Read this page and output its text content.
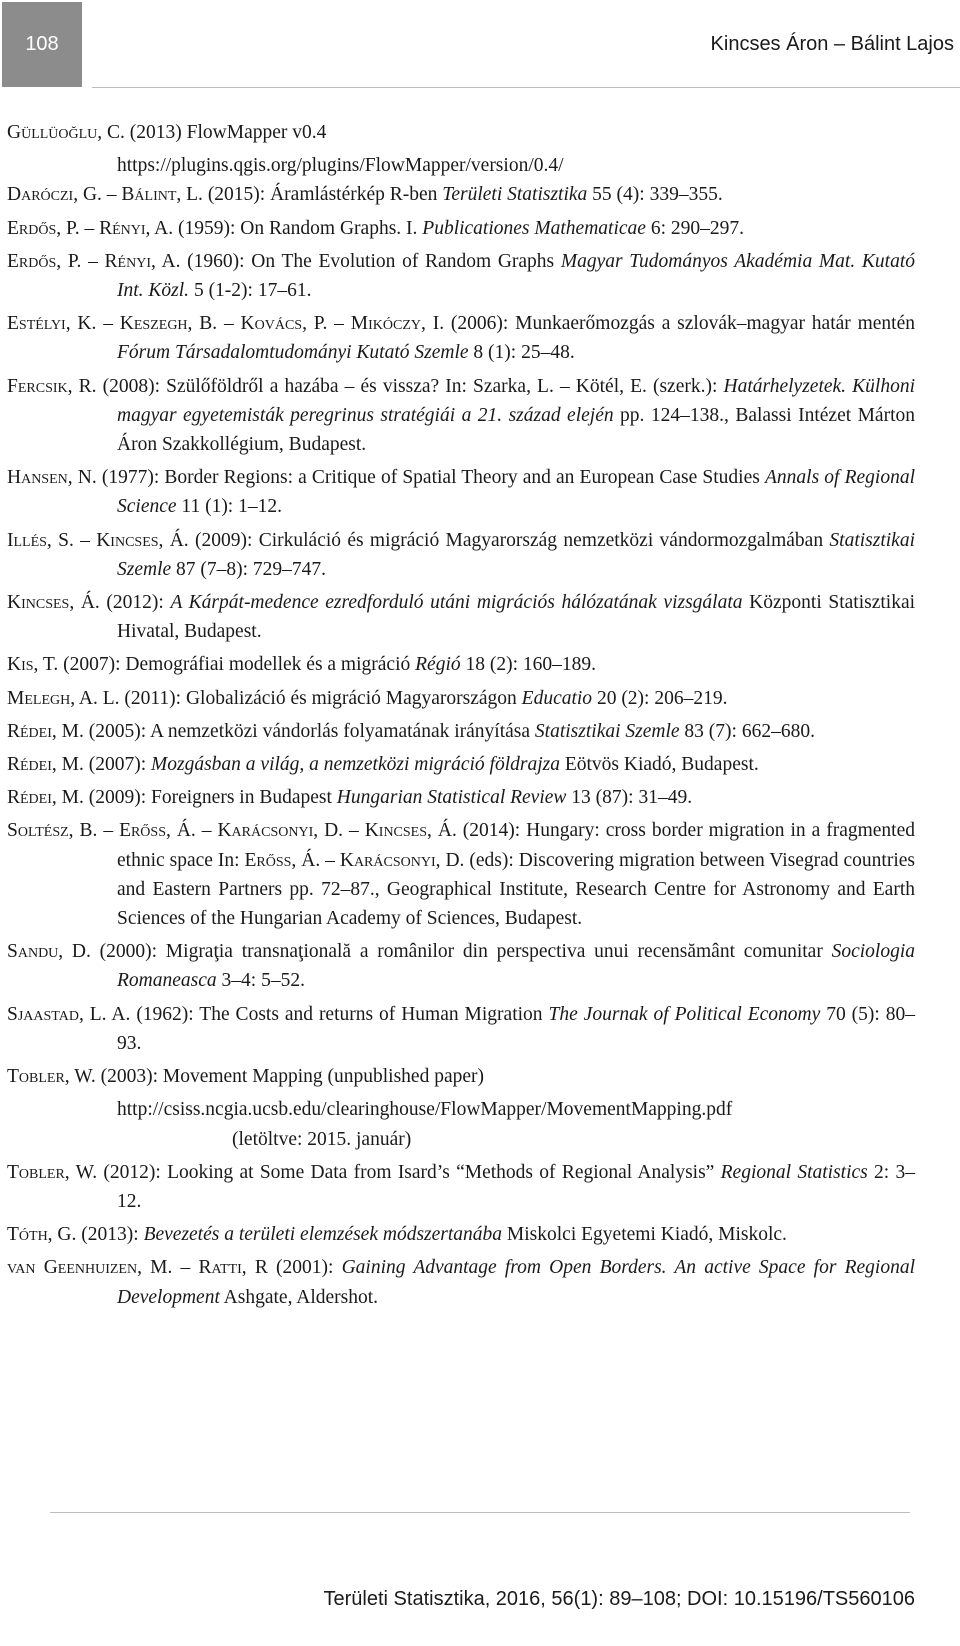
108	Kincses Áron – Bálint Lajos

Güllüoğlu, C. (2013) FlowMapper v0.4

https://plugins.qgis.org/plugins/FlowMapper/version/0.4/

Daróczi, G. – Bálint, L. (2015): Áramlástérkép R-ben Területi Statisztika 55 (4): 339–355.

Erdős, P. – Rényi, A. (1959): On Random Graphs. I. Publicationes Mathematicae 6: 290–297.

Erdős, P. – Rényi, A. (1960): On The Evolution of Random Graphs Magyar Tudományos Akadémia Mat. Kutató Int. Közl. 5 (1-2): 17–61.

Estélyi, K. – Keszegh, B. – Kovács, P. – Mikóczy, I. (2006): Munkaerőmozgás a szlovák–magyar határ mentén Fórum Társadalomtudományi Kutató Szemle 8 (1): 25–48.

Fercsik, R. (2008): Szülőföldről a hazába – és vissza? In: Szarka, L. – Kötél, E. (szerk.): Határhelyzetek. Külhoni magyar egyetemisták peregrinus stratégiái a 21. század elején pp. 124–138., Balassi Intézet Márton Áron Szakkollégium, Budapest.

Hansen, N. (1977): Border Regions: a Critique of Spatial Theory and an European Case Studies Annals of Regional Science 11 (1): 1–12.

Illés, S. – Kincses, Á. (2009): Cirkuláció és migráció Magyarország nemzetközi vándormozgalmában Statisztikai Szemle 87 (7–8): 729–747.

Kincses, Á. (2012): A Kárpát-medence ezredforduló utáni migrációs hálózatának vizsgálata Központi Statisztikai Hivatal, Budapest.

Kis, T. (2007): Demográfiai modellek és a migráció Régió 18 (2): 160–189.

Melegh, A. L. (2011): Globalizáció és migráció Magyarországon Educatio 20 (2): 206–219.

Rédei, M. (2005): A nemzetközi vándorlás folyamatának irányítása Statisztikai Szemle 83 (7): 662–680.

Rédei, M. (2007): Mozgásban a világ, a nemzetközi migráció földrajza Eötvös Kiadó, Budapest.

Rédei, M. (2009): Foreigners in Budapest Hungarian Statistical Review 13 (87): 31–49.

Soltész, B. – Erőss, Á. – Karácsonyi, D. – Kincses, Á. (2014): Hungary: cross border migration in a fragmented ethnic space In: Erőss, Á. – Karácsonyi, D. (eds): Discovering migration between Visegrad countries and Eastern Partners pp. 72–87., Geographical Institute, Research Centre for Astronomy and Earth Sciences of the Hungarian Academy of Sciences, Budapest.

Sandu, D. (2000): Migraţia transnaţională a românilor din perspectiva unui recensământ comunitar Sociologia Romaneasca 3–4: 5–52.

Sjaastad, L. A. (1962): The Costs and returns of Human Migration The Journak of Political Economy 70 (5): 80–93.

Tobler, W. (2003): Movement Mapping (unpublished paper)

http://csiss.ncgia.ucsb.edu/clearinghouse/FlowMapper/MovementMapping.pdf

(letöltve: 2015. január)

Tobler, W. (2012): Looking at Some Data from Isard’s “Methods of Regional Analysis” Regional Statistics 2: 3–12.

Tóth, G. (2013): Bevezetés a területi elemzések módszertanába Miskolci Egyetemi Kiadó, Miskolc.

van Geenhuizen, M. – Ratti, R (2001): Gaining Advantage from Open Borders. An active Space for Regional Development Ashgate, Aldershot.

Területi Statisztika, 2016, 56(1): 89–108; DOI: 10.15196/TS560106
